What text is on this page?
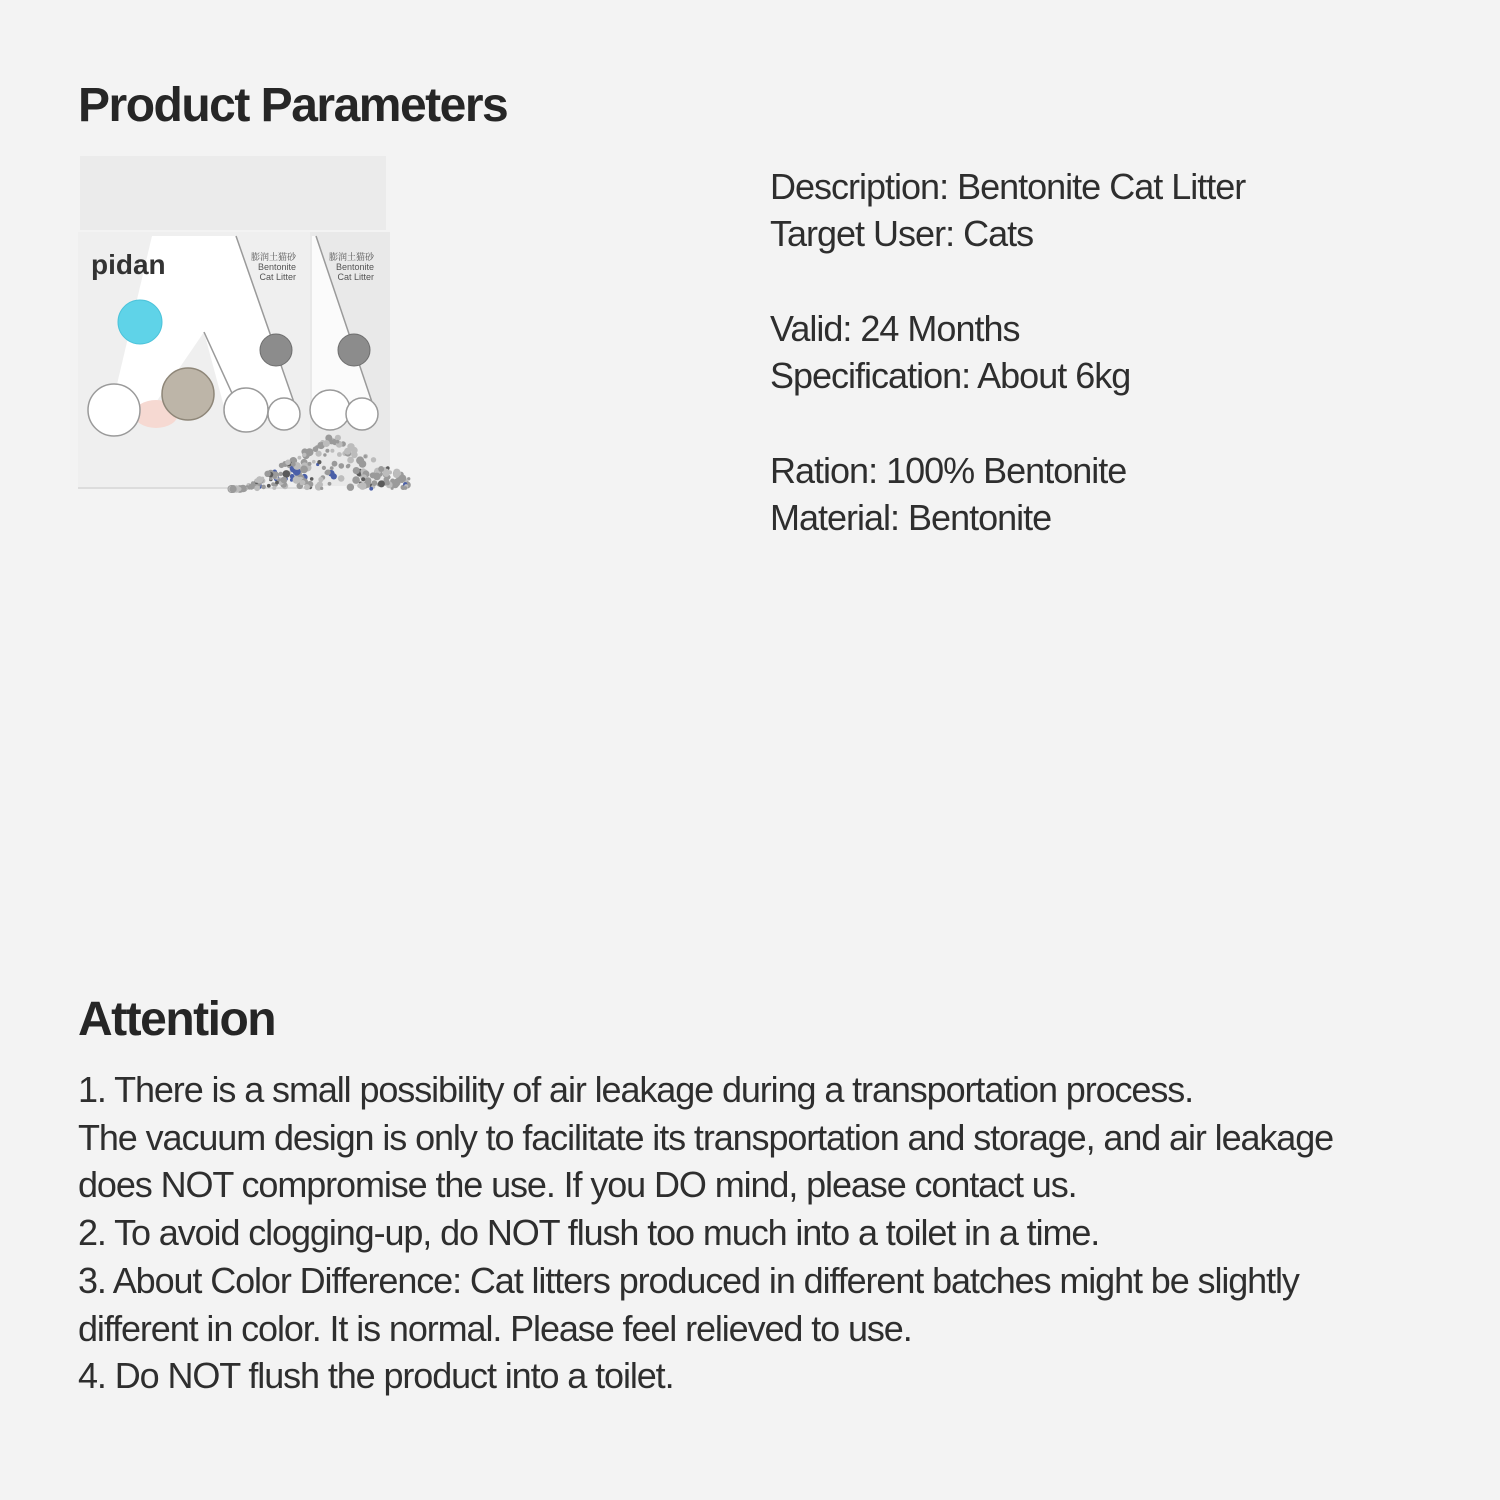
Product Parameters
pidan	膨润土猫砂
Bentonite
Cat Litter
膨润土猫砂
Bentonite
Cat Litter
Description: Bentonite Cat Litter
Target User: Cats
Valid: 24 Months
Specification: About 6kg
Ration: 100% Bentonite
Material: Bentonite
Attention
1. There is a small possibility of air leakage during a transportation process.
The vacuum design is only to facilitate its transportation and storage, and air leakage
does NOT compromise the use. If you DO mind, please contact us.
2. To avoid clogging-up, do NOT flush too much into a toilet in a time.
3. About Color Difference: Cat litters produced in different batches might be slightly
different in color. It is normal. Please feel relieved to use.
4. Do NOT flush the product into a toilet.
